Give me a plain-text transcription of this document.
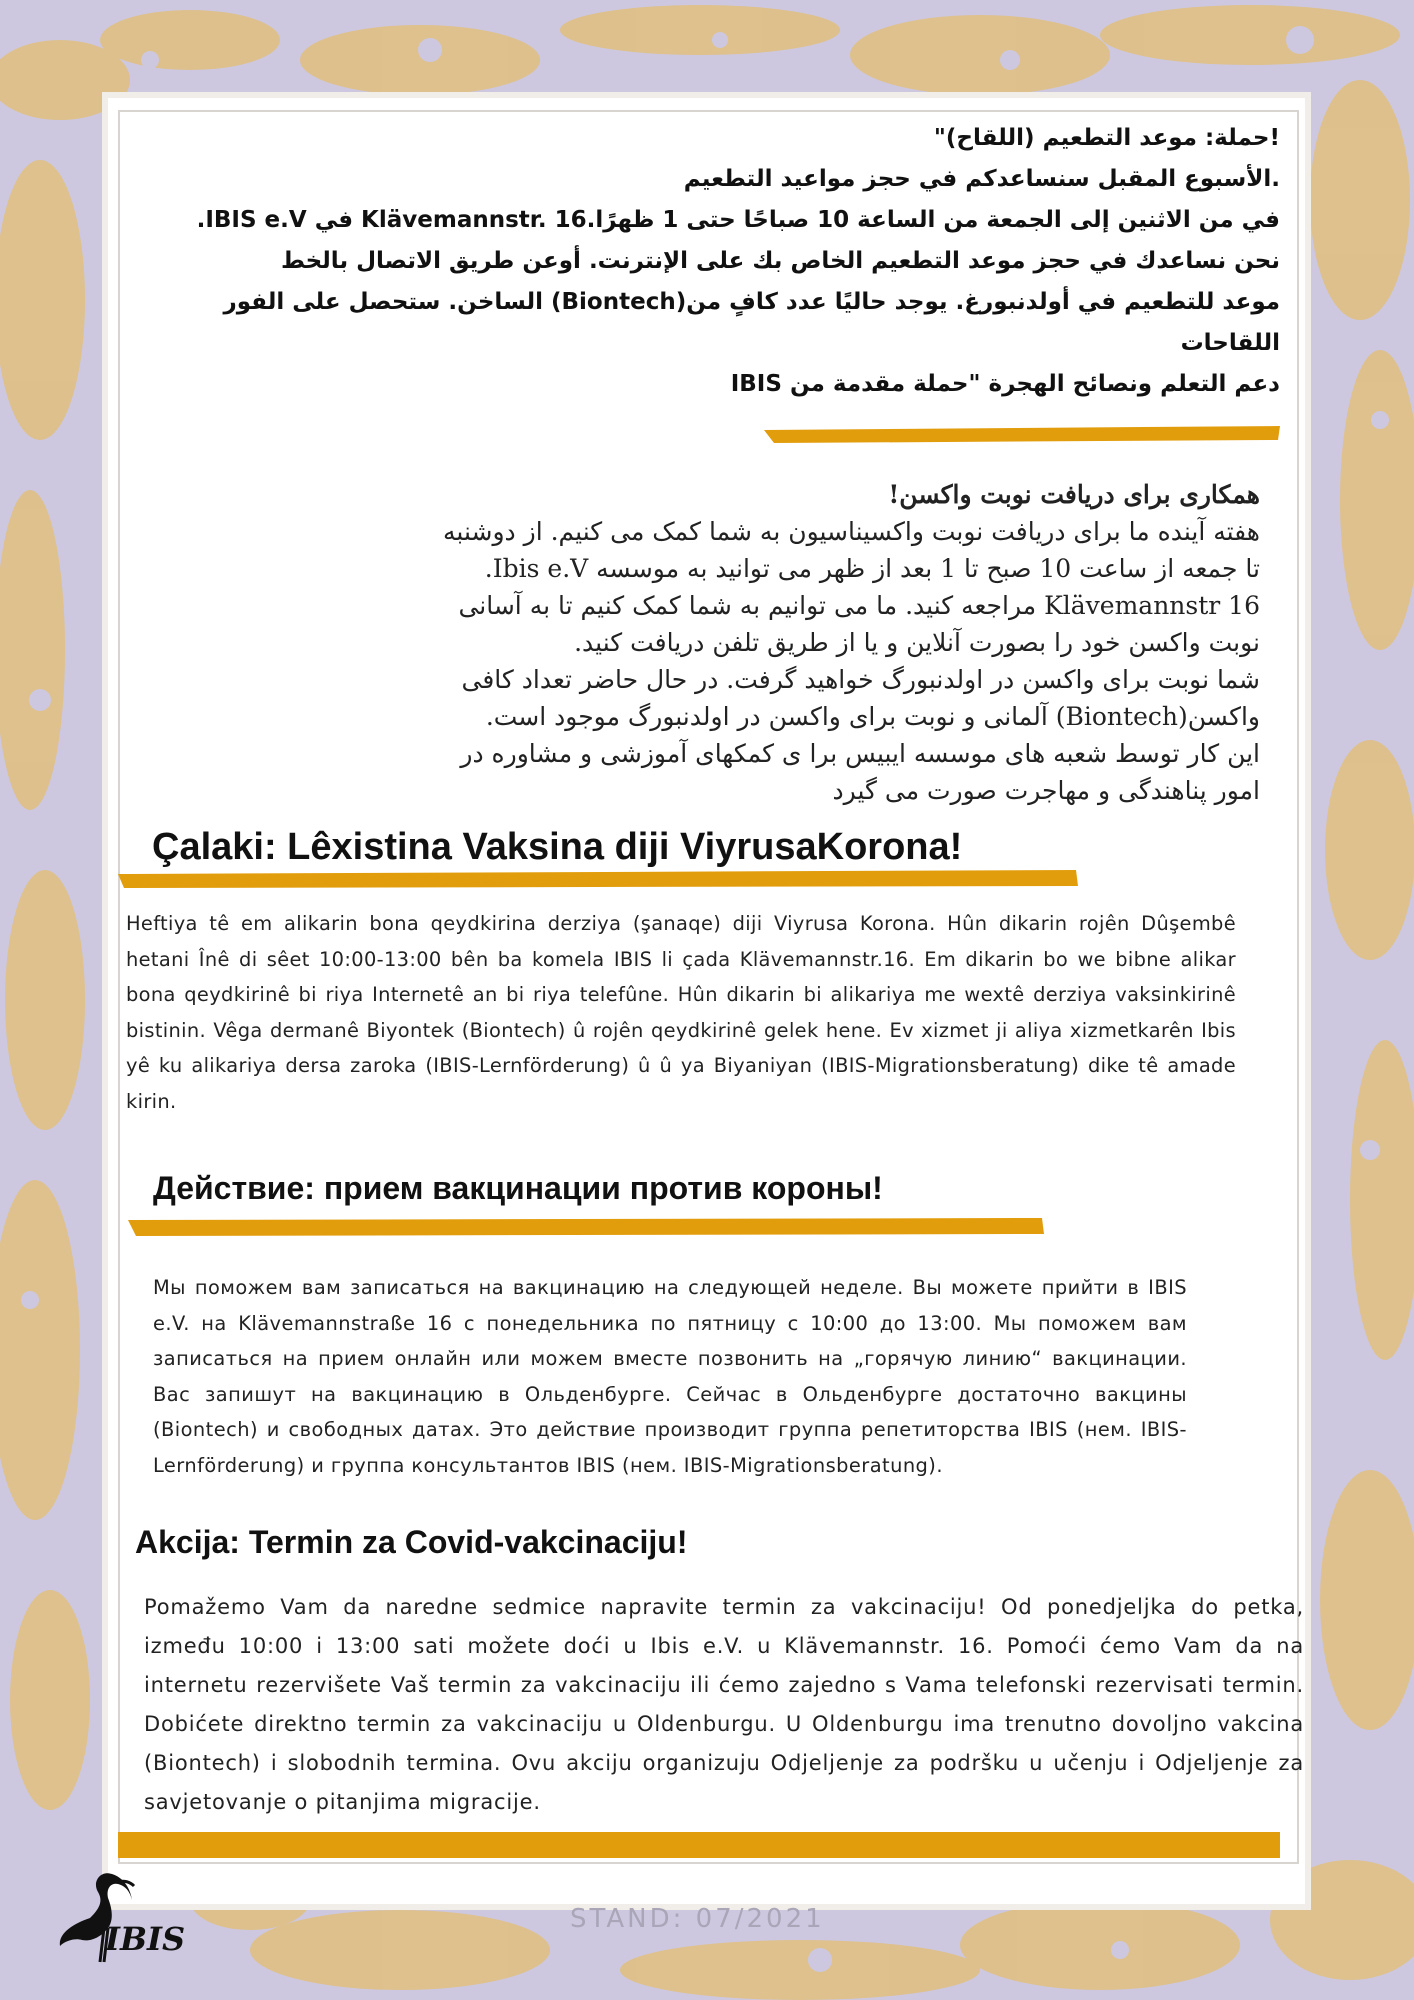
!حملة: موعد التطعيم (اللقاح)"
.الأسبوع المقبل سنساعدكم في حجز مواعيد التطعيم
في من الاثنين إلى الجمعة من الساعة 10 صباحًا حتى 1 ظهرًا.Klävemannstr. 16 في IBIS e.V.
نحن نساعدك في حجز موعد التطعيم الخاص بك على الإنترنت. أوعن طريق الاتصال بالخط
موعد للتطعيم في أولدنبورغ. يوجد حاليًا عدد كافٍ من(Biontech) الساخن. ستحصل على الفور
اللقاحات
دعم التعلم ونصائح الهجرة "حملة مقدمة من IBIS
همکاری برای دریافت نوبت واکسن!
هفته آینده ما برای دریافت نوبت واکسیناسیون به شما کمک می کنیم. از دوشنبه
تا جمعه از ساعت 10 صبح تا 1 بعد از ظهر می توانید به موسسه Ibis e.V.
Klävemannstr 16 مراجعه کنید. ما می توانیم به شما کمک کنیم تا به آسانی
نوبت واکسن خود را بصورت آنلاین و یا از طریق تلفن دریافت کنید.
شما نوبت برای واکسن در اولدنبورگ خواهید گرفت. در حال حاضر تعداد کافی
واکسن(Biontech) آلمانی و نوبت برای واکسن در اولدنبورگ موجود است.
این کار توسط شعبه های موسسه ایبیس برا ی کمکهای آموزشی و مشاوره در
امور پناهندگی و مهاجرت صورت می گیرد
Çalaki: Lêxistina Vaksina diji ViyrusaKorona!
Heftiya tê em alikarin bona qeydkirina derziya (şanaqe) diji Viyrusa Korona. Hûn dikarin rojên Dûşembê hetani Înê di sêet 10:00-13:00 bên ba komela IBIS li çada Klävemannstr.16. Em dikarin bo we bibne alikar bona qeydkirinê bi riya Internetê an bi riya telefûne. Hûn dikarin bi alikariya me wextê derziya vaksinkirinê bistinin. Vêga dermanê Biyontek (Biontech) û rojên qeydkirinê gelek hene. Ev xizmet ji aliya xizmetkarên Ibis yê ku alikariya dersa zaroka (IBIS-Lernförderung) û û ya Biyaniyan (IBIS-Migrationsberatung) dike tê amade kirin.
Действие: прием вакцинации против короны!
Мы поможем вам записаться на вакцинацию на следующей неделе. Вы можете прийти в IBIS e.V. на Klävemannstraße 16 с понедельника по пятницу с 10:00 до 13:00. Мы поможем вам записаться на прием онлайн или можем вместе позвонить на „горячую линию“ вакцинации. Вас запишут на вакцинацию в Ольденбурге. Сейчас в Ольденбурге достаточно вакцины (Biontech) и свободных датах. Это действие производит группа репетиторства IBIS (нем. IBIS-Lernförderung) и группа консультантов IBIS (нем. IBIS-Migrationsberatung).
Akcija: Termin za Covid-vakcinaciju!
Pomažemo Vam da naredne sedmice napravite termin za vakcinaciju! Od ponedjeljka do petka, između 10:00 i 13:00 sati možete doći u Ibis e.V. u Klävemannstr. 16. Pomoći ćemo Vam da na internetu rezervišete Vaš termin za vakcinaciju ili ćemo zajedno s Vama telefonski rezervisati termin. Dobićete direktno termin za vakcinaciju u Oldenburgu. U Oldenburgu ima trenutno dovoljno vakcina (Biontech) i slobodnih termina. Ovu akciju organizuju Odjeljenje za podršku u učenju i Odjeljenje za savjetovanje o pitanjima migracije.
STAND: 07/2021
IBIS
